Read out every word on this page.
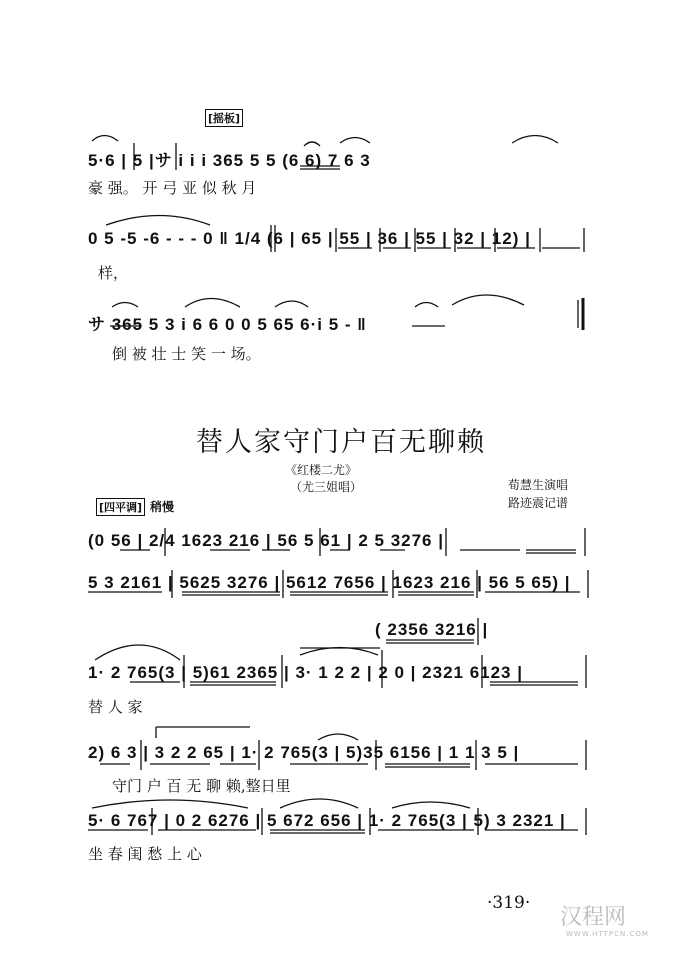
[摇板]
5·6 | 5 |サ i i i 365 5 5 (6 6) 7 6 3
豪 强。 开 弓 亚 似 秋 月
0 5 -5 -6 - - - 0 ‖ 1/4 (6 | 65 | 55 | 36 | 55 | 32 | 12) |
样，
サ 365 5 3 i 6 6 0 0 5 65 6·i 5 - ‖
倒 被 壮 士 笑 一 场。
替人家守门户百无聊赖
《红楼二尤》
（尤三姐唱）	荀慧生演唱
路迹震记谱
[四平调] 稍慢
(0 56 | 2/4 1623 216 | 56 5 61 | 2 5 3276 |
5 3 2161 | 5625 3276 | 5612 7656 | 1623 216 | 56 5 65) |
( 2356 3216 |
1· 2 765(3 | 5)61 2365 | 3· 1 2 2 | 2 0 | 2321 6123 |
替 人 家
2) 6 3 | 3 2 2 65 | 1· 2 765(3 | 5)35 6156 | 1 1 3 5 |
守门 户 百 无 聊 赖,整日里
5· 6 767 | 0 2 6276 | 5 672 656 | 1· 2 765(3 | 5) 3 2321 |
坐 春 闺 愁 上 心
·319·
汉程网
WWW.HTTPCN.COM
